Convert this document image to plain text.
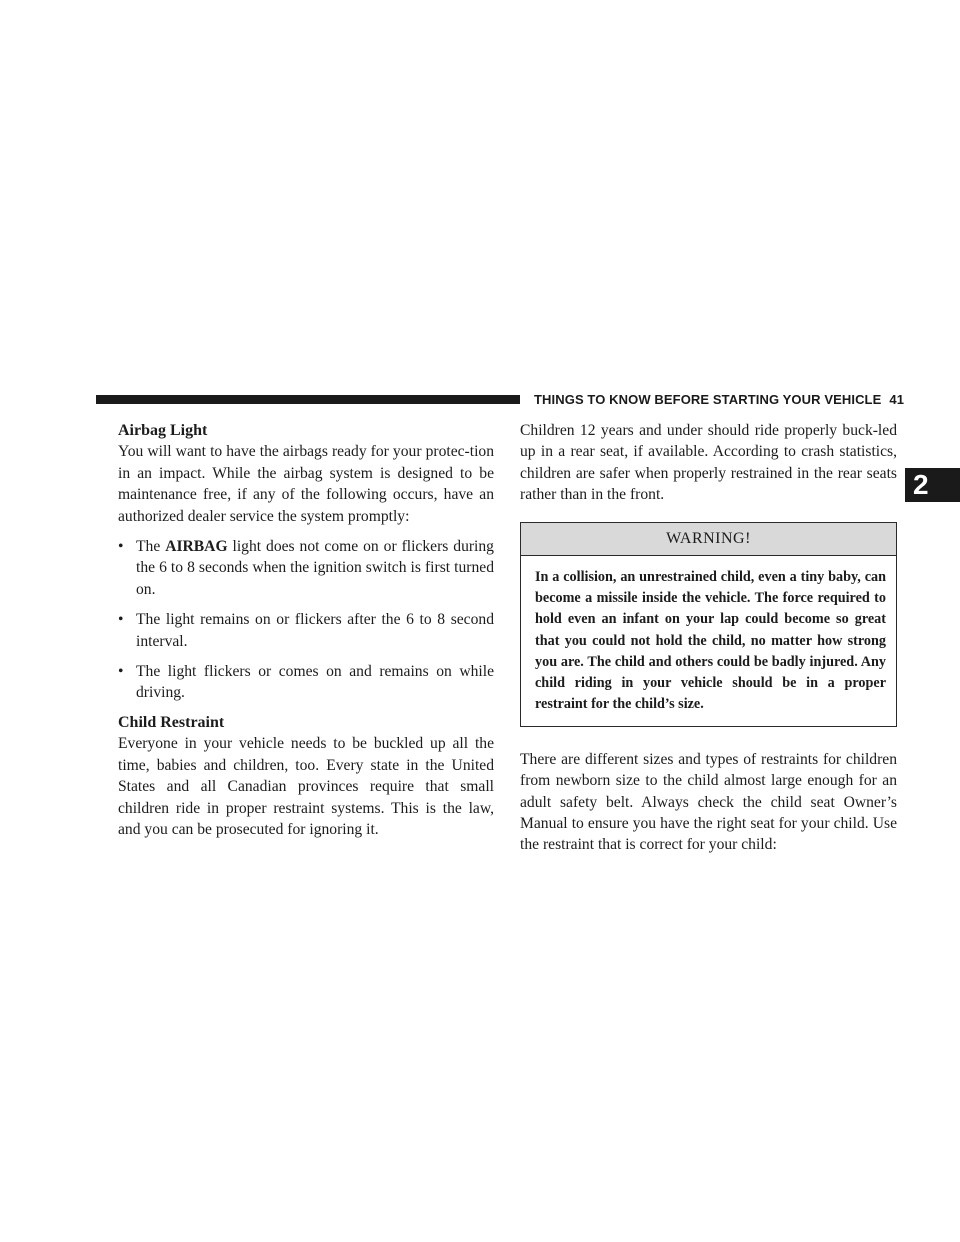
THINGS TO KNOW BEFORE STARTING YOUR VEHICLE 41
2
Airbag Light

You will want to have the airbags ready for your protec-tion in an impact. While the airbag system is designed to be maintenance free, if any of the following occurs, have an authorized dealer service the system promptly:

• The AIRBAG light does not come on or flickers during the 6 to 8 seconds when the ignition switch is first turned on.
• The light remains on or flickers after the 6 to 8 second interval.
• The light flickers or comes on and remains on while driving.
Child Restraint

Everyone in your vehicle needs to be buckled up all the time, babies and children, too. Every state in the United States and all Canadian provinces require that small children ride in proper restraint systems. This is the law, and you can be prosecuted for ignoring it.

Children 12 years and under should ride properly buck-led up in a rear seat, if available. According to crash statistics, children are safer when properly restrained in the rear seats rather than in the front.

WARNING!
In a collision, an unrestrained child, even a tiny baby, can become a missile inside the vehicle. The force required to hold even an infant on your lap could become so great that you could not hold the child, no matter how strong you are. The child and others could be badly injured. Any child riding in your vehicle should be in a proper restraint for the child’s size.

There are different sizes and types of restraints for children from newborn size to the child almost large enough for an adult safety belt. Always check the child seat Owner’s Manual to ensure you have the right seat for your child. Use the restraint that is correct for your child:
